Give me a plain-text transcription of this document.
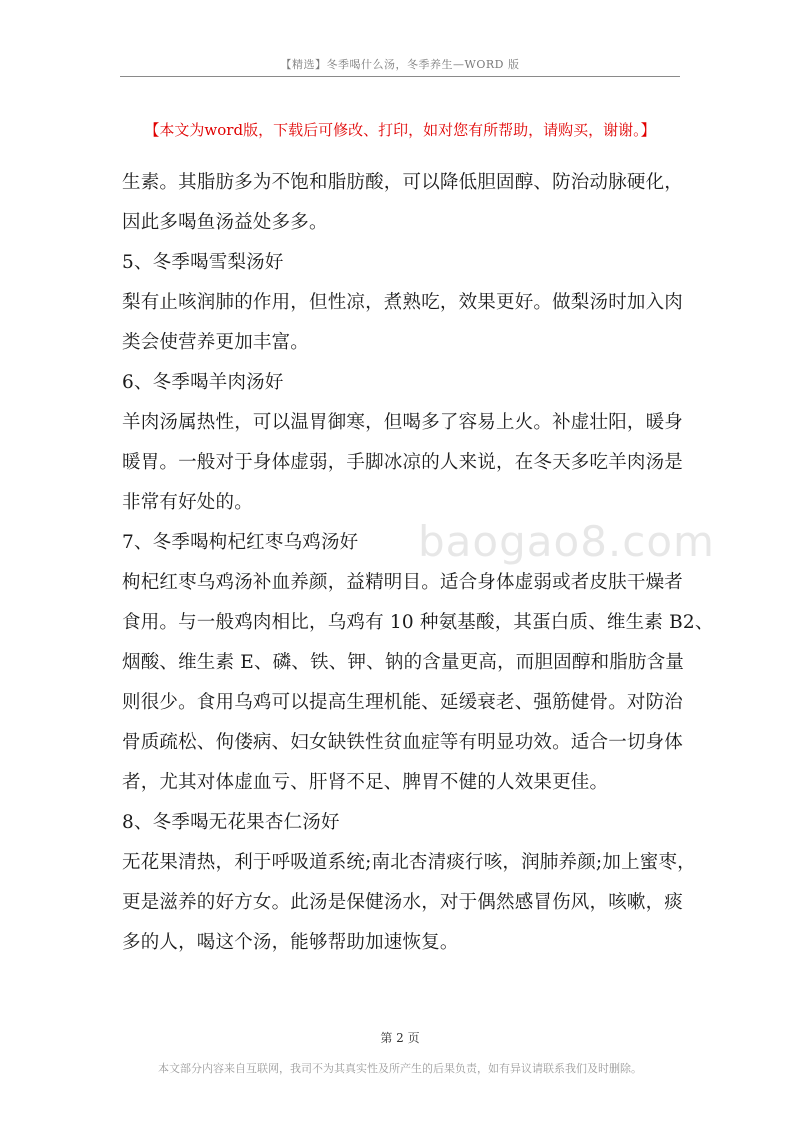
【精选】冬季喝什么汤，冬季养生—WORD 版
【本文为word版，下载后可修改、打印，如对您有所帮助，请购买，谢谢。】
生素。其脂肪多为不饱和脂肪酸，可以降低胆固醇、防治动脉硬化，
因此多喝鱼汤益处多多。
5、冬季喝雪梨汤好
梨有止咳润肺的作用，但性凉，煮熟吃，效果更好。做梨汤时加入肉
类会使营养更加丰富。
6、冬季喝羊肉汤好
羊肉汤属热性，可以温胃御寒，但喝多了容易上火。补虚壮阳，暖身
暖胃。一般对于身体虚弱，手脚冰凉的人来说，在冬天多吃羊肉汤是
非常有好处的。
7、冬季喝枸杞红枣乌鸡汤好
枸杞红枣乌鸡汤补血养颜，益精明目。适合身体虚弱或者皮肤干燥者
食用。与一般鸡肉相比，乌鸡有 10 种氨基酸，其蛋白质、维生素 B2、
烟酸、维生素 E、磷、铁、钾、钠的含量更高，而胆固醇和脂肪含量
则很少。食用乌鸡可以提高生理机能、延缓衰老、强筋健骨。对防治
骨质疏松、佝偻病、妇女缺铁性贫血症等有明显功效。适合一切身体
者，尤其对体虚血亏、肝肾不足、脾胃不健的人效果更佳。
8、冬季喝无花果杏仁汤好
无花果清热，利于呼吸道系统;南北杏清痰行咳，润肺养颜;加上蜜枣，
更是滋养的好方女。此汤是保健汤水，对于偶然感冒伤风，咳嗽，痰
多的人，喝这个汤，能够帮助加速恢复。
baogao8.com
第 2 页
本文部分内容来自互联网，我司不为其真实性及所产生的后果负责，如有异议请联系我们及时删除。
